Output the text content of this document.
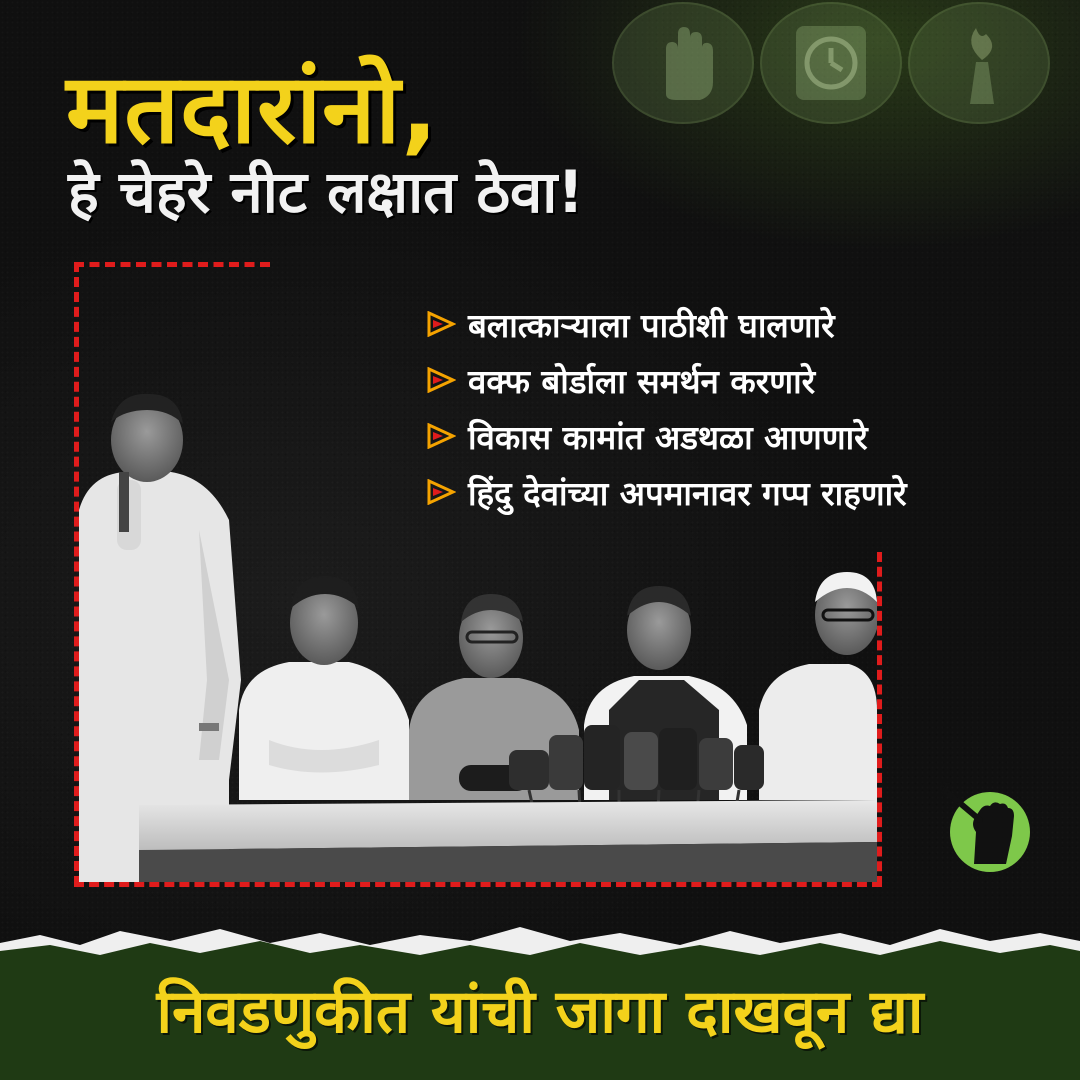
मतदारांनो,
हे चेहरे नीट लक्षात ठेवा!
बलात्काऱ्याला पाठीशी घालणारे
वक्फ बोर्डाला समर्थन करणारे
विकास कामांत अडथळा आणणारे
हिंदु देवांच्या अपमानावर गप्प राहणारे

निवडणुकीत यांची जागा दाखवून द्या
